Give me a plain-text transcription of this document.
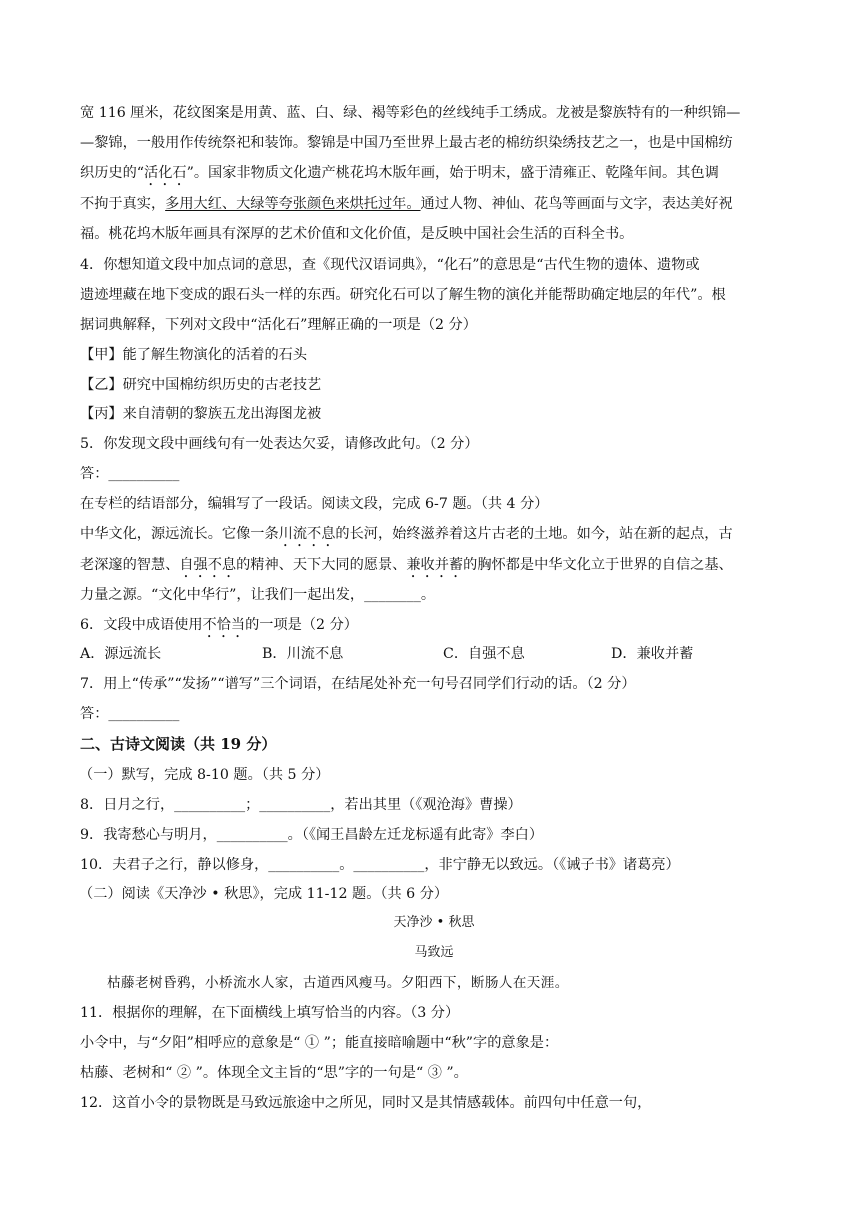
宽 116 厘米，花纹图案是用黄、蓝、白、绿、褐等彩色的丝线纯手工绣成。龙被是黎族特有的一种织锦—
—黎锦，一般用作传统祭祀和装饰。黎锦是中国乃至世界上最古老的棉纺织染绣技艺之一，也是中国棉纺
织历史的“活化石”。国家非物质文化遗产桃花坞木版年画，始于明末，盛于清雍正、乾隆年间。其色调
不拘于真实，多用大红、大绿等夸张颜色来烘托过年。通过人物、神仙、花鸟等画面与文字，表达美好祝
福。桃花坞木版年画具有深厚的艺术价值和文化价值，是反映中国社会生活的百科全书。
4．你想知道文段中加点词的意思，查《现代汉语词典》，“化石”的意思是“古代生物的遗体、遗物或
遗迹埋藏在地下变成的跟石头一样的东西。研究化石可以了解生物的演化并能帮助确定地层的年代”。根
据词典解释，下列对文段中“活化石”理解正确的一项是（2 分）
【甲】能了解生物演化的活着的石头
【乙】研究中国棉纺织历史的古老技艺
【丙】来自清朝的黎族五龙出海图龙被
5．你发现文段中画线句有一处表达欠妥，请修改此句。（2 分）
答：__________
在专栏的结语部分，编辑写了一段话。阅读文段，完成 6-7 题。（共 4 分）
中华文化，源远流长。它像一条川流不息的长河，始终滋养着这片古老的土地。如今，站在新的起点，古
老深邃的智慧、自强不息的精神、天下大同的愿景、兼收并蓄的胸怀都是中华文化立于世界的自信之基、
力量之源。“文化中华行”，让我们一起出发，________。
6．文段中成语使用不恰当的一项是（2 分）
A．源远流长	B．川流不息	C．自强不息	D．兼收并蓄
7．用上“传承”“发扬”“谱写”三个词语，在结尾处补充一句号召同学们行动的话。（2 分）
答：__________
二、古诗文阅读（共 19 分）
（一）默写，完成 8-10 题。（共 5 分）
8．日月之行，__________；__________，若出其里（《观沧海》曹操）
9．我寄愁心与明月，__________。（《闻王昌龄左迁龙标遥有此寄》李白）
10．夫君子之行，静以修身，__________。__________，非宁静无以致远。（《诫子书》诸葛亮）
（二）阅读《天净沙 • 秋思》，完成 11-12 题。（共 6 分）
天净沙 • 秋思
马致远
枯藤老树昏鸦，小桥流水人家，古道西风瘦马。夕阳西下，断肠人在天涯。
11．根据你的理解，在下面横线上填写恰当的内容。（3 分）
小令中，与“夕阳”相呼应的意象是“ ① ”；能直接暗喻题中“秋”字的意象是：
枯藤、老树和“ ② ”。体现全文主旨的“思”字的一句是“ ③ ”。
12．这首小令的景物既是马致远旅途中之所见，同时又是其情感载体。前四句中任意一句，
